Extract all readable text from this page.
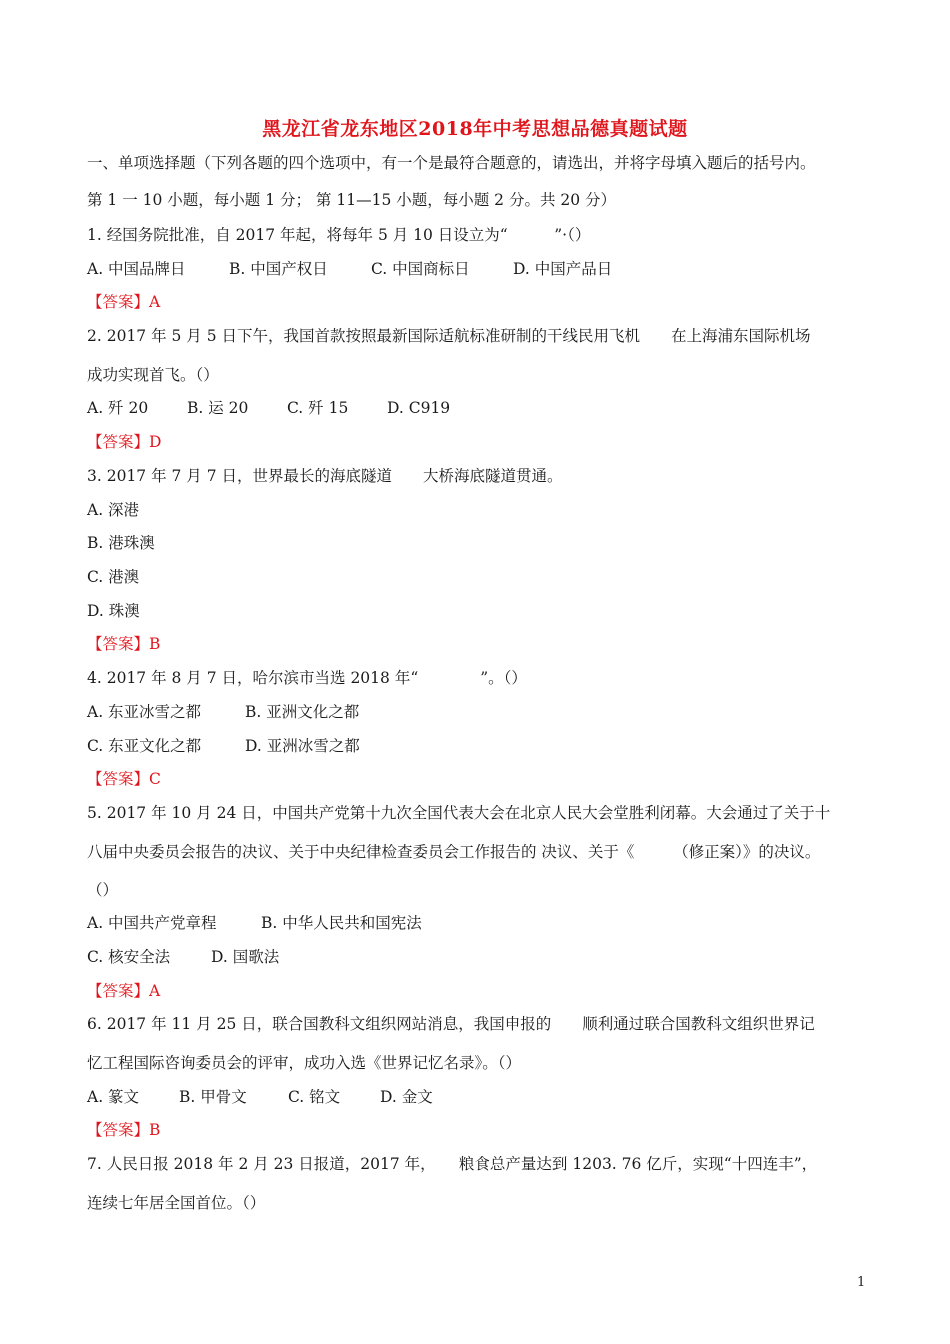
黑龙江省龙东地区2018年中考思想品德真题试题
一、单项选择题（下列各题的四个选项中，有一个是最符合题意的，请选出，并将字母填入题后的括号内。
第 1 一 10 小题，每小题 1 分； 第 11—15 小题，每小题 2 分。共 20 分）
1. 经国务院批准，自 2017 年起，将每年 5 月 10 日设立为“　　　”·（）
A. 中国品牌日	B. 中国产权日	C. 中国商标日	D. 中国产品日
【答案】A
2. 2017 年 5 月 5 日下午，我国首款按照最新国际适航标准研制的干线民用飞机　　在上海浦东国际机场
成功实现首飞。（）
A. 歼 20	B. 运 20 C. 歼 15 D. C919
【答案】D
3. 2017 年 7 月 7 日，世界最长的海底隧道　　大桥海底隧道贯通。
A. 深港
B. 港珠澳
C. 港澳
D. 珠澳
【答案】B
4. 2017 年 8 月 7 日，哈尔滨市当选 2018 年“　　　　”。（）
A. 东亚冰雪之都	B. 亚洲文化之都
C. 东亚文化之都	D. 亚洲冰雪之都
【答案】C
5. 2017 年 10 月 24 日，中国共产党第十九次全国代表大会在北京人民大会堂胜利闭幕。大会通过了关于十
八届中央委员会报告的决议、关于中央纪律检查委员会工作报告的 决议、关于《　　　（修正案）》的决议。
（）
A. 中国共产党章程	B. 中华人民共和国宪法
C. 核安全法	D. 国歌法
【答案】A
6. 2017 年 11 月 25 日，联合国教科文组织网站消息，我国申报的　　顺利通过联合国教科文组织世界记
忆工程国际咨询委员会的评审，成功入选《世界记忆名录》。（）
A. 篆文	B. 甲骨文	C. 铭文	D. 金文
【答案】B
7. 人民日报 2018 年 2 月 23 日报道，2017 年，　　粮食总产量达到 1203. 76 亿斤，实现“十四连丰”，
连续七年居全国首位。（）
1
